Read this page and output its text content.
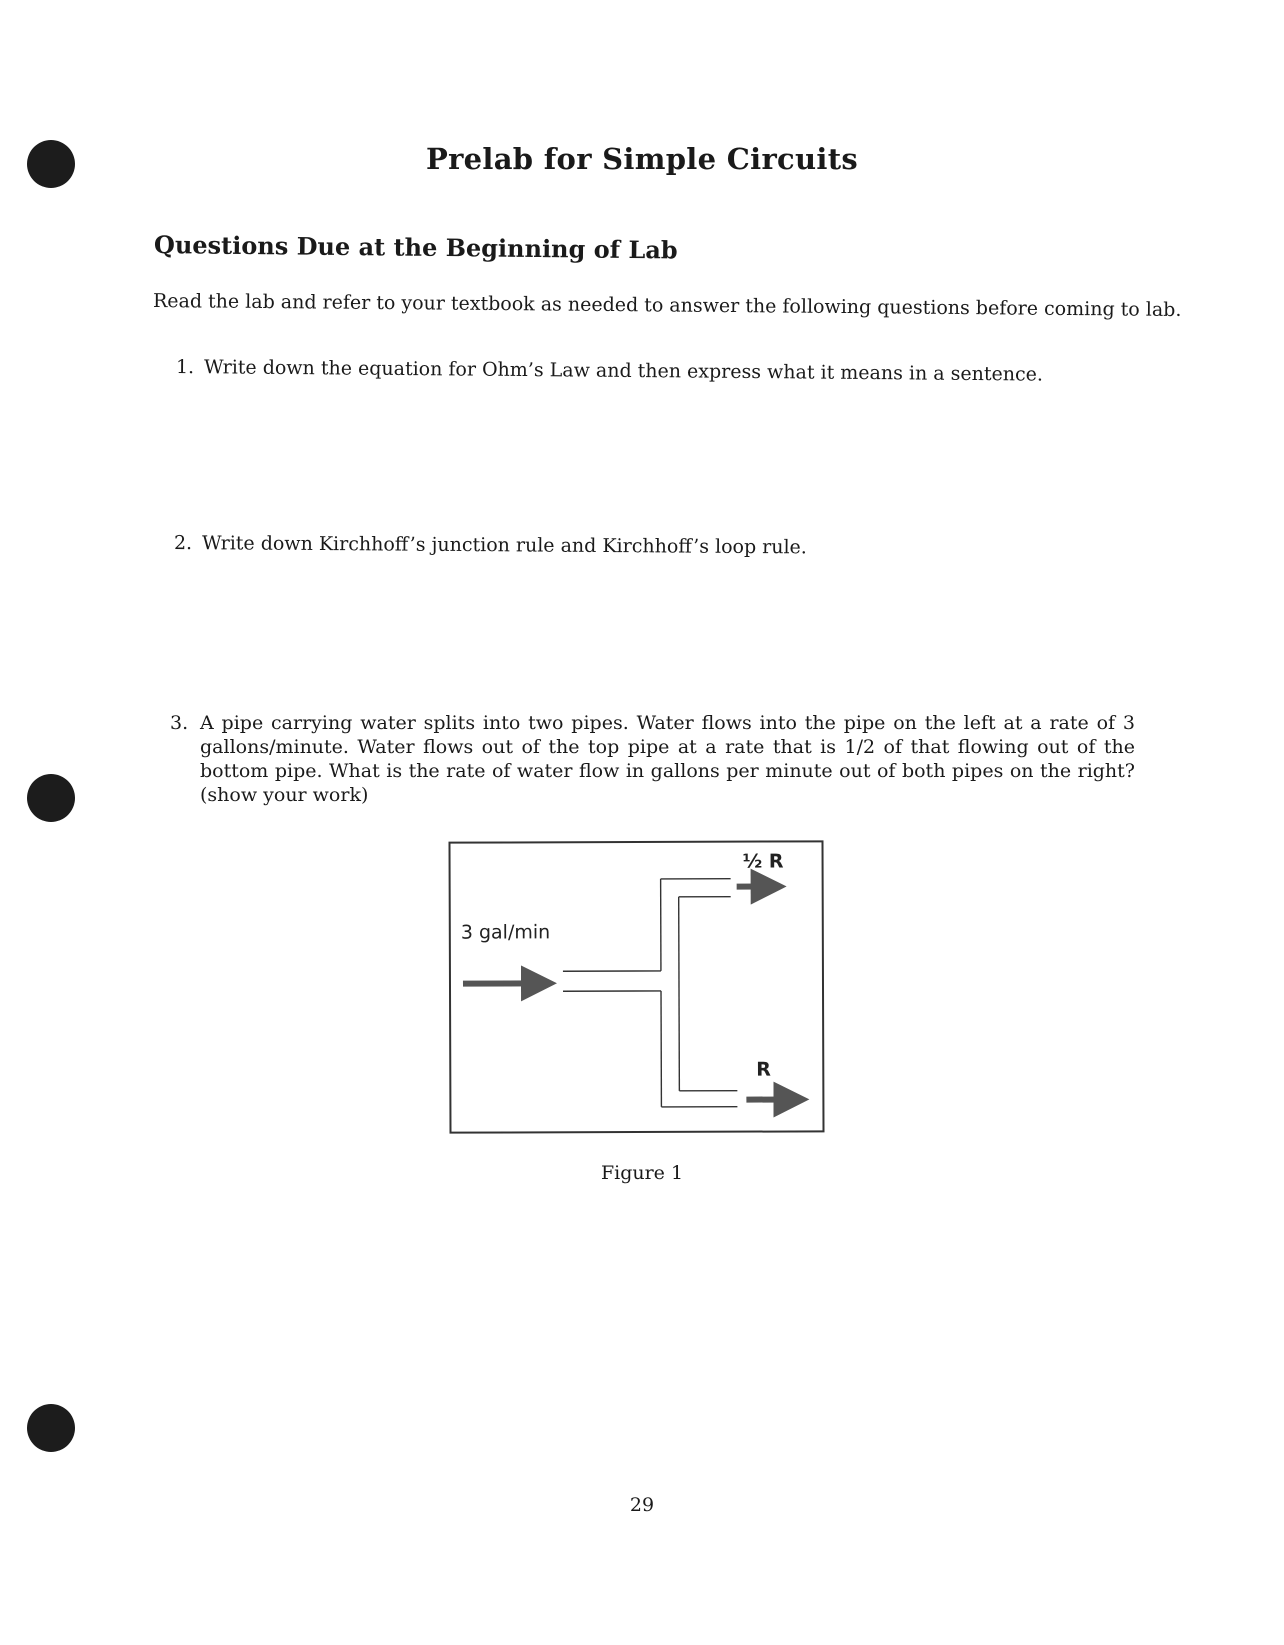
Prelab for Simple Circuits
Questions Due at the Beginning of Lab
Read the lab and refer to your textbook as needed to answer the following questions before coming to lab.
1. Write down the equation for Ohm’s Law and then express what it means in a sentence.
2. Write down Kirchhoff’s junction rule and Kirchhoff’s loop rule.
3. A pipe carrying water splits into two pipes. Water flows into the pipe on the left at a rate of 3 gallons/minute. Water flows out of the top pipe at a rate that is 1/2 of that flowing out of the bottom pipe. What is the rate of water flow in gallons per minute out of both pipes on the right? (show your work)
3 gal/min
½ R
R
Figure 1
29
